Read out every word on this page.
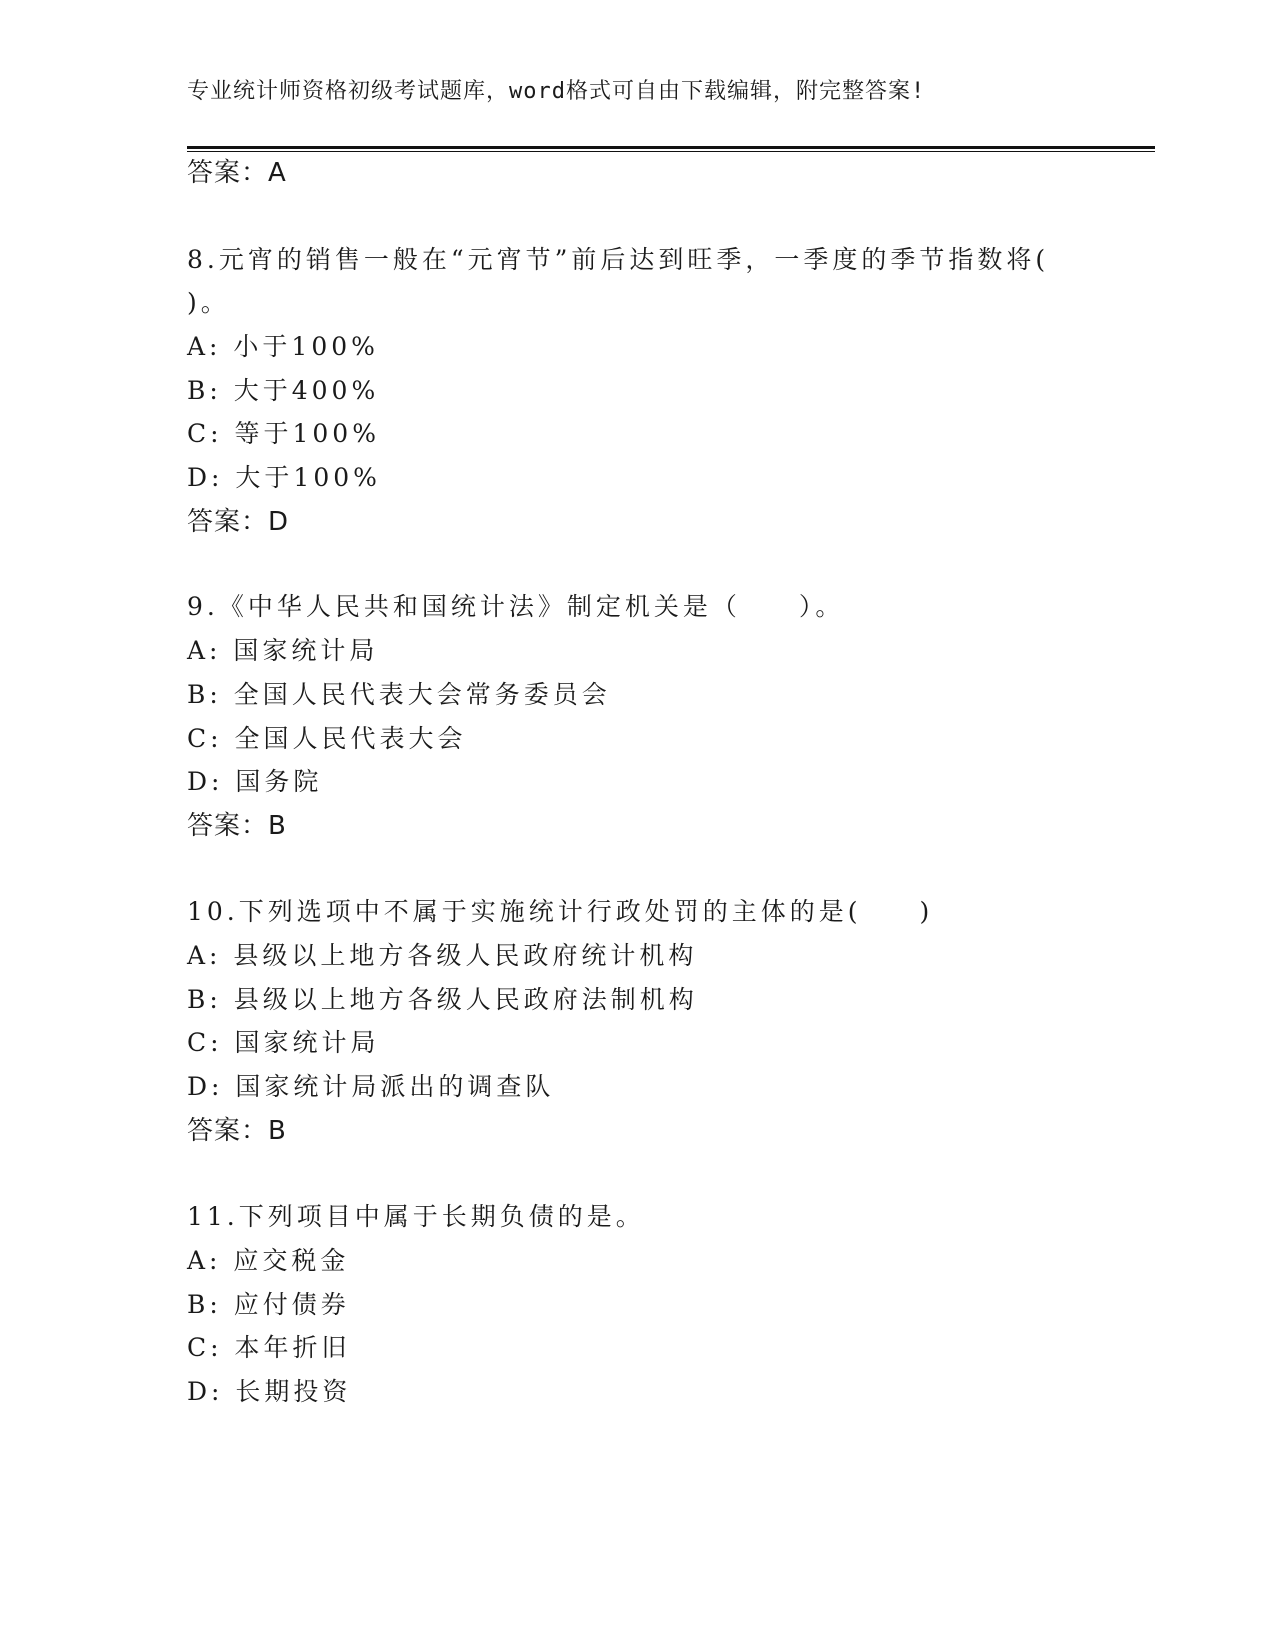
专业统计师资格初级考试题库，word格式可自由下载编辑，附完整答案!
答案：A
8.元宵的销售一般在“元宵节”前后达到旺季，一季度的季节指数将(
)。
A: 小于100%
B: 大于400%
C: 等于100%
D: 大于100%
答案：D
9.《中华人民共和国统计法》制定机关是（　　）。
A: 国家统计局
B: 全国人民代表大会常务委员会
C: 全国人民代表大会
D: 国务院
答案：B
10.下列选项中不属于实施统计行政处罚的主体的是(　　)
A: 县级以上地方各级人民政府统计机构
B: 县级以上地方各级人民政府法制机构
C: 国家统计局
D: 国家统计局派出的调查队
答案：B
11.下列项目中属于长期负债的是。
A: 应交税金
B: 应付债券
C: 本年折旧
D: 长期投资
